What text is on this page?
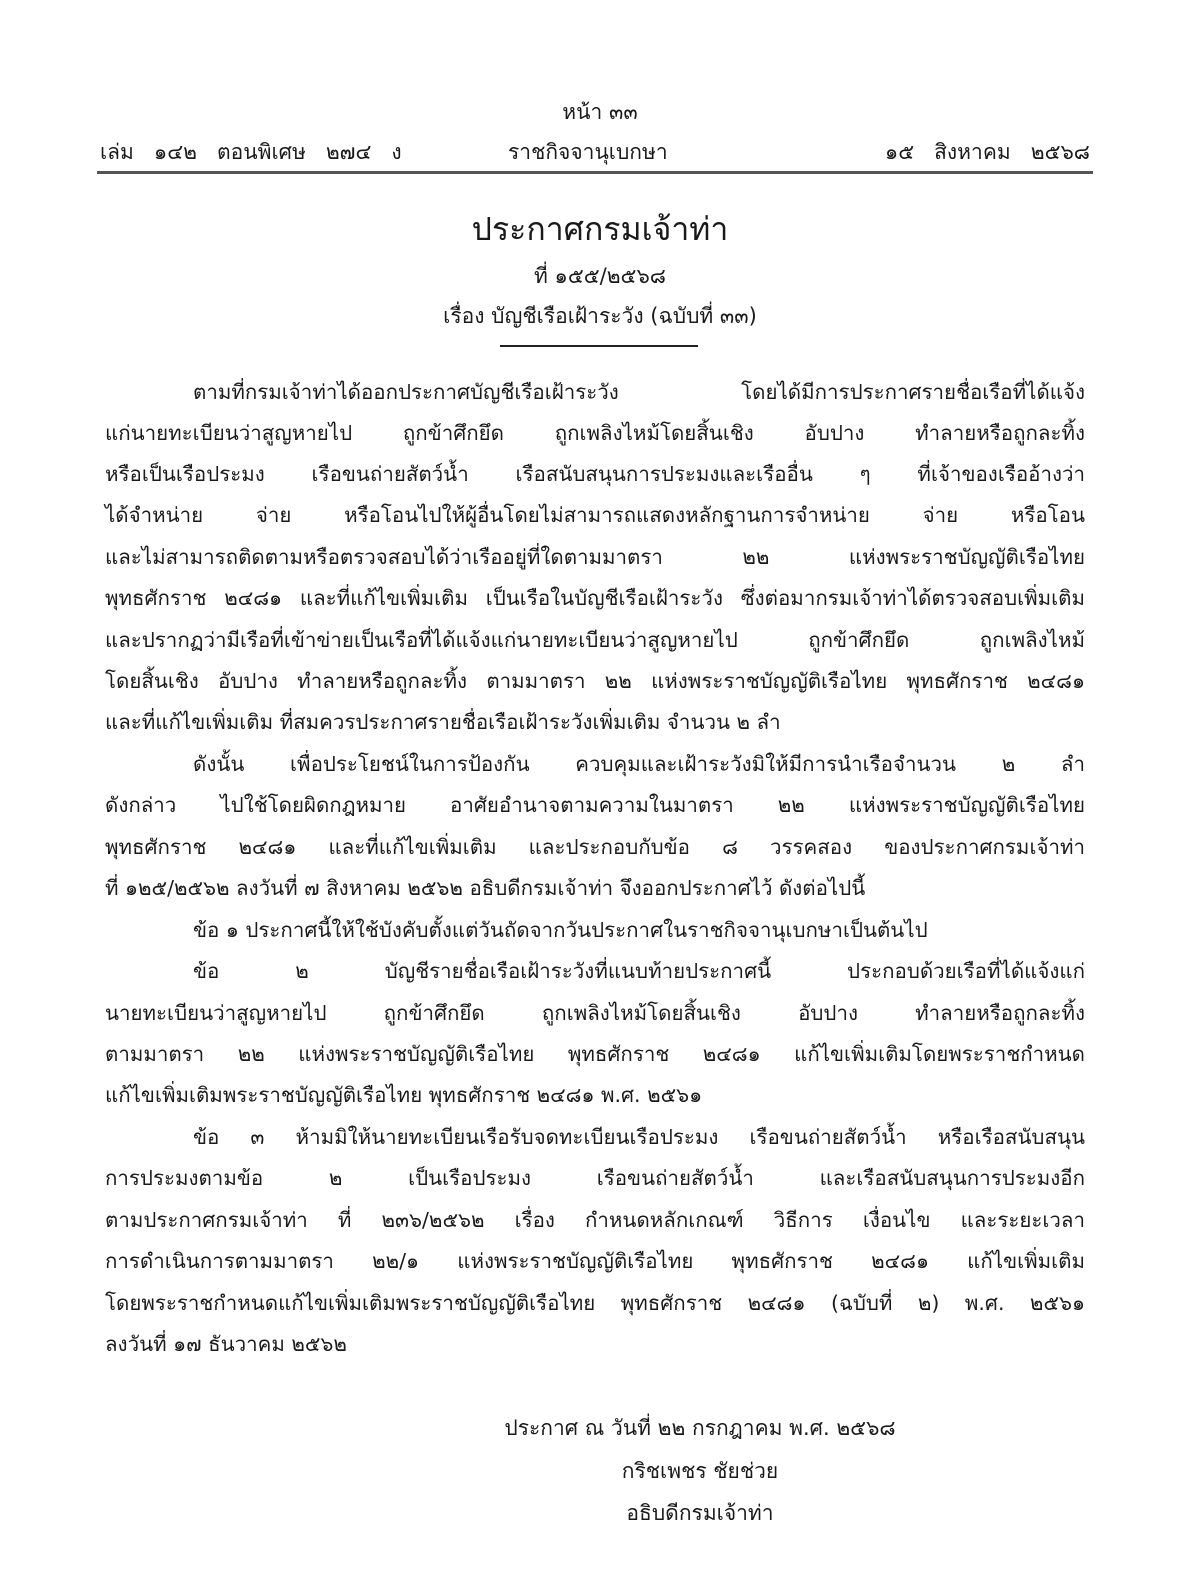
หน้า ๓๓
เล่ม   ๑๔๒   ตอนพิเศษ   ๒๗๔   ง	ราชกิจจานุเบกษา	๑๕   สิงหาคม   ๒๕๖๘
ประกาศกรมเจ้าท่า
ที่ ๑๕๕/๒๕๖๘
เรื่อง บัญชีเรือเฝ้าระวัง (ฉบับที่ ๓๓)
ตามที่กรมเจ้าท่าได้ออกประกาศบัญชีเรือเฝ้าระวัง โดยได้มีการประกาศรายชื่อเรือที่ได้แจ้ง
แก่นายทะเบียนว่าสูญหายไป ถูกข้าศึกยึด ถูกเพลิงไหม้โดยสิ้นเชิง อับปาง ทำลายหรือถูกละทิ้ง
หรือเป็นเรือประมง เรือขนถ่ายสัตว์น้ำ เรือสนับสนุนการประมงและเรืออื่น ๆ ที่เจ้าของเรืออ้างว่า
ได้จำหน่าย จ่าย หรือโอนไปให้ผู้อื่นโดยไม่สามารถแสดงหลักฐานการจำหน่าย จ่าย หรือโอน
และไม่สามารถติดตามหรือตรวจสอบได้ว่าเรืออยู่ที่ใดตามมาตรา ๒๒ แห่งพระราชบัญญัติเรือไทย
พุทธศักราช ๒๔๘๑ และที่แก้ไขเพิ่มเติม เป็นเรือในบัญชีเรือเฝ้าระวัง ซึ่งต่อมากรมเจ้าท่าได้ตรวจสอบเพิ่มเติม
และปรากฏว่ามีเรือที่เข้าข่ายเป็นเรือที่ได้แจ้งแก่นายทะเบียนว่าสูญหายไป ถูกข้าศึกยึด ถูกเพลิงไหม้
โดยสิ้นเชิง อับปาง ทำลายหรือถูกละทิ้ง ตามมาตรา ๒๒ แห่งพระราชบัญญัติเรือไทย พุทธศักราช ๒๔๘๑
และที่แก้ไขเพิ่มเติม ที่สมควรประกาศรายชื่อเรือเฝ้าระวังเพิ่มเติม จำนวน ๒ ลำ
ดังนั้น เพื่อประโยชน์ในการป้องกัน ควบคุมและเฝ้าระวังมิให้มีการนำเรือจำนวน ๒ ลำ
ดังกล่าว ไปใช้โดยผิดกฎหมาย อาศัยอำนาจตามความในมาตรา ๒๒ แห่งพระราชบัญญัติเรือไทย
พุทธศักราช ๒๔๘๑ และที่แก้ไขเพิ่มเติม และประกอบกับข้อ ๘ วรรคสอง ของประกาศกรมเจ้าท่า
ที่ ๑๒๕/๒๕๖๒ ลงวันที่ ๗ สิงหาคม ๒๕๖๒ อธิบดีกรมเจ้าท่า จึงออกประกาศไว้ ดังต่อไปนี้
ข้อ ๑ ประกาศนี้ให้ใช้บังคับตั้งแต่วันถัดจากวันประกาศในราชกิจจานุเบกษาเป็นต้นไป
ข้อ ๒ บัญชีรายชื่อเรือเฝ้าระวังที่แนบท้ายประกาศนี้ ประกอบด้วยเรือที่ได้แจ้งแก่
นายทะเบียนว่าสูญหายไป ถูกข้าศึกยึด ถูกเพลิงไหม้โดยสิ้นเชิง อับปาง ทำลายหรือถูกละทิ้ง
ตามมาตรา ๒๒ แห่งพระราชบัญญัติเรือไทย พุทธศักราช ๒๔๘๑ แก้ไขเพิ่มเติมโดยพระราชกำหนด
แก้ไขเพิ่มเติมพระราชบัญญัติเรือไทย พุทธศักราช ๒๔๘๑ พ.ศ. ๒๕๖๑
ข้อ ๓ ห้ามมิให้นายทะเบียนเรือรับจดทะเบียนเรือประมง เรือขนถ่ายสัตว์น้ำ หรือเรือสนับสนุน
การประมงตามข้อ ๒ เป็นเรือประมง เรือขนถ่ายสัตว์น้ำ และเรือสนับสนุนการประมงอีก
ตามประกาศกรมเจ้าท่า ที่ ๒๓๖/๒๕๖๒ เรื่อง กำหนดหลักเกณฑ์ วิธีการ เงื่อนไข และระยะเวลา
การดำเนินการตามมาตรา ๒๒/๑ แห่งพระราชบัญญัติเรือไทย พุทธศักราช ๒๔๘๑ แก้ไขเพิ่มเติม
โดยพระราชกำหนดแก้ไขเพิ่มเติมพระราชบัญญัติเรือไทย พุทธศักราช ๒๔๘๑ (ฉบับที่ ๒) พ.ศ. ๒๕๖๑
ลงวันที่ ๑๗ ธันวาคม ๒๕๖๒
ประกาศ ณ วันที่ ๒๒ กรกฎาคม พ.ศ. ๒๕๖๘
กริชเพชร ชัยช่วย
อธิบดีกรมเจ้าท่า
